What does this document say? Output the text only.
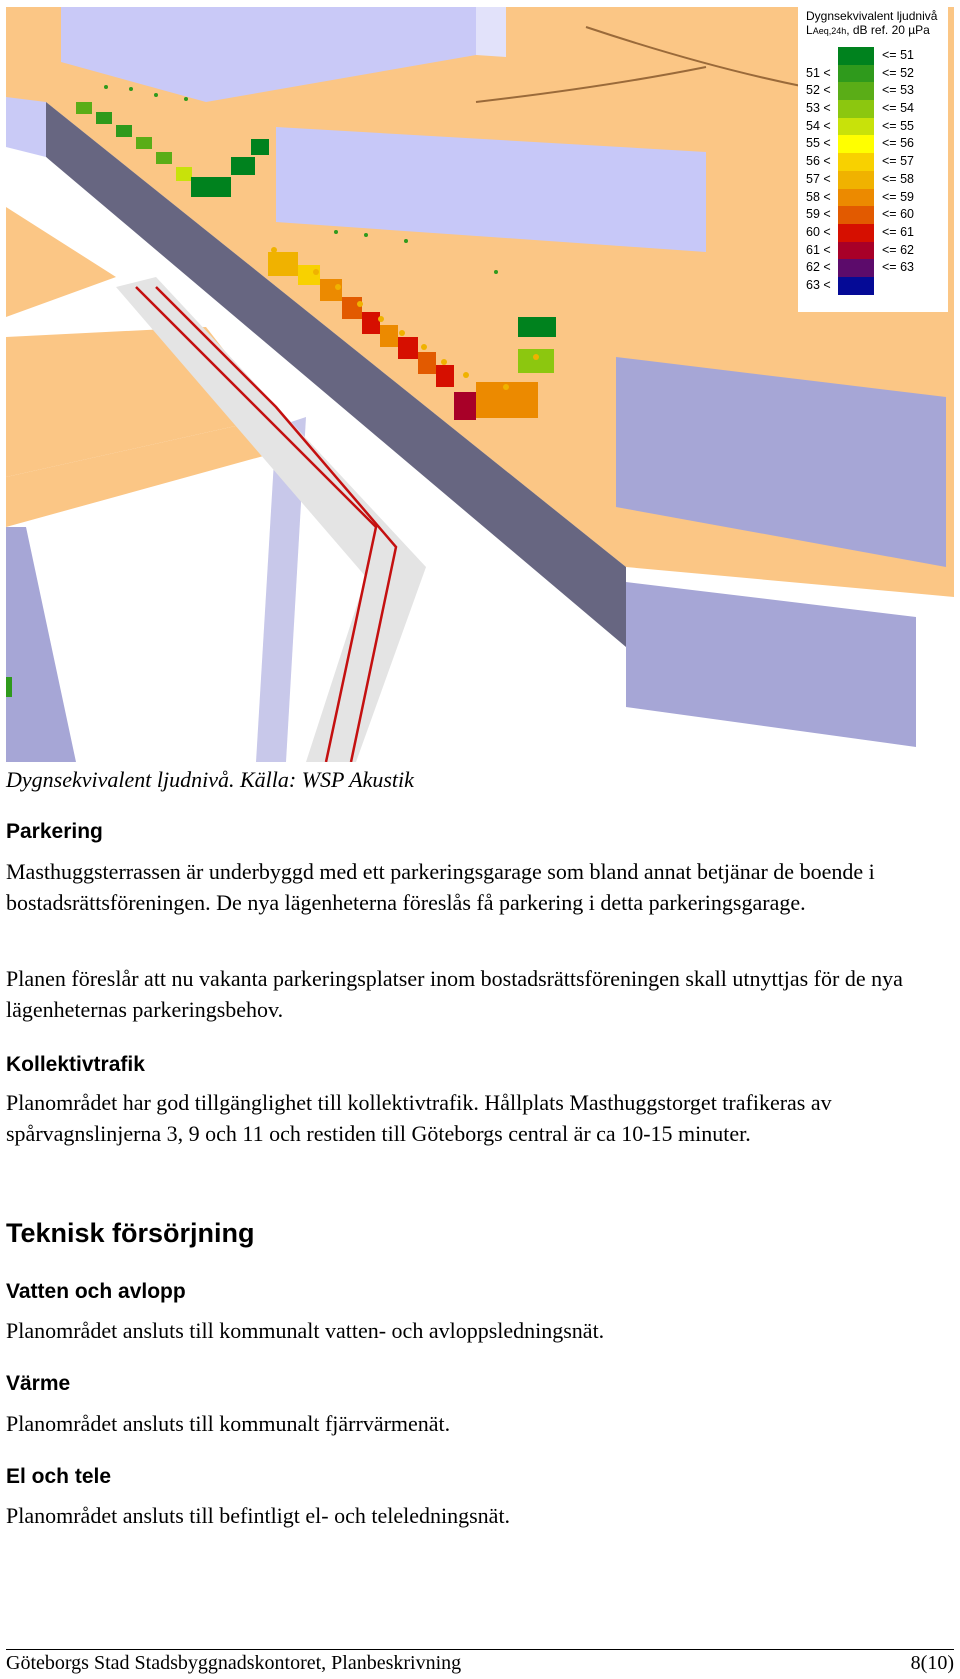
Dygnsekvivalent ljudnivå
LAeq,24h, dB ref. 20 µPa
<= 51
51 <	<= 52
52 <	<= 53
53 <	<= 54
54 <	<= 55
55 <	<= 56
56 <	<= 57
57 <	<= 58
58 <	<= 59
59 <	<= 60
60 <	<= 61
61 <	<= 62
62 <	<= 63
63 <
Dygnsekvivalent ljudnivå. Källa: WSP Akustik
Parkering
Masthuggsterrassen är underbyggd med ett parkeringsgarage som bland annat betjänar de boende i bostadsrättsföreningen. De nya lägenheterna föreslås få parkering i detta parkeringsgarage.
Planen föreslår att nu vakanta parkeringsplatser inom bostadsrättsföreningen skall utnyttjas för de nya lägenheternas parkeringsbehov.
Kollektivtrafik
Planområdet har god tillgänglighet till kollektivtrafik. Hållplats Masthuggstorget trafikeras av spårvagnslinjerna 3, 9 och 11 och restiden till Göteborgs central är ca 10-15 minuter.
Teknisk försörjning
Vatten och avlopp
Planområdet ansluts till kommunalt vatten- och avloppsledningsnät.
Värme
Planområdet ansluts till kommunalt fjärrvärmenät.
El och tele
Planområdet ansluts till befintligt el- och teleledningsnät.
Göteborgs Stad Stadsbyggnadskontoret, Planbeskrivning	8(10)
